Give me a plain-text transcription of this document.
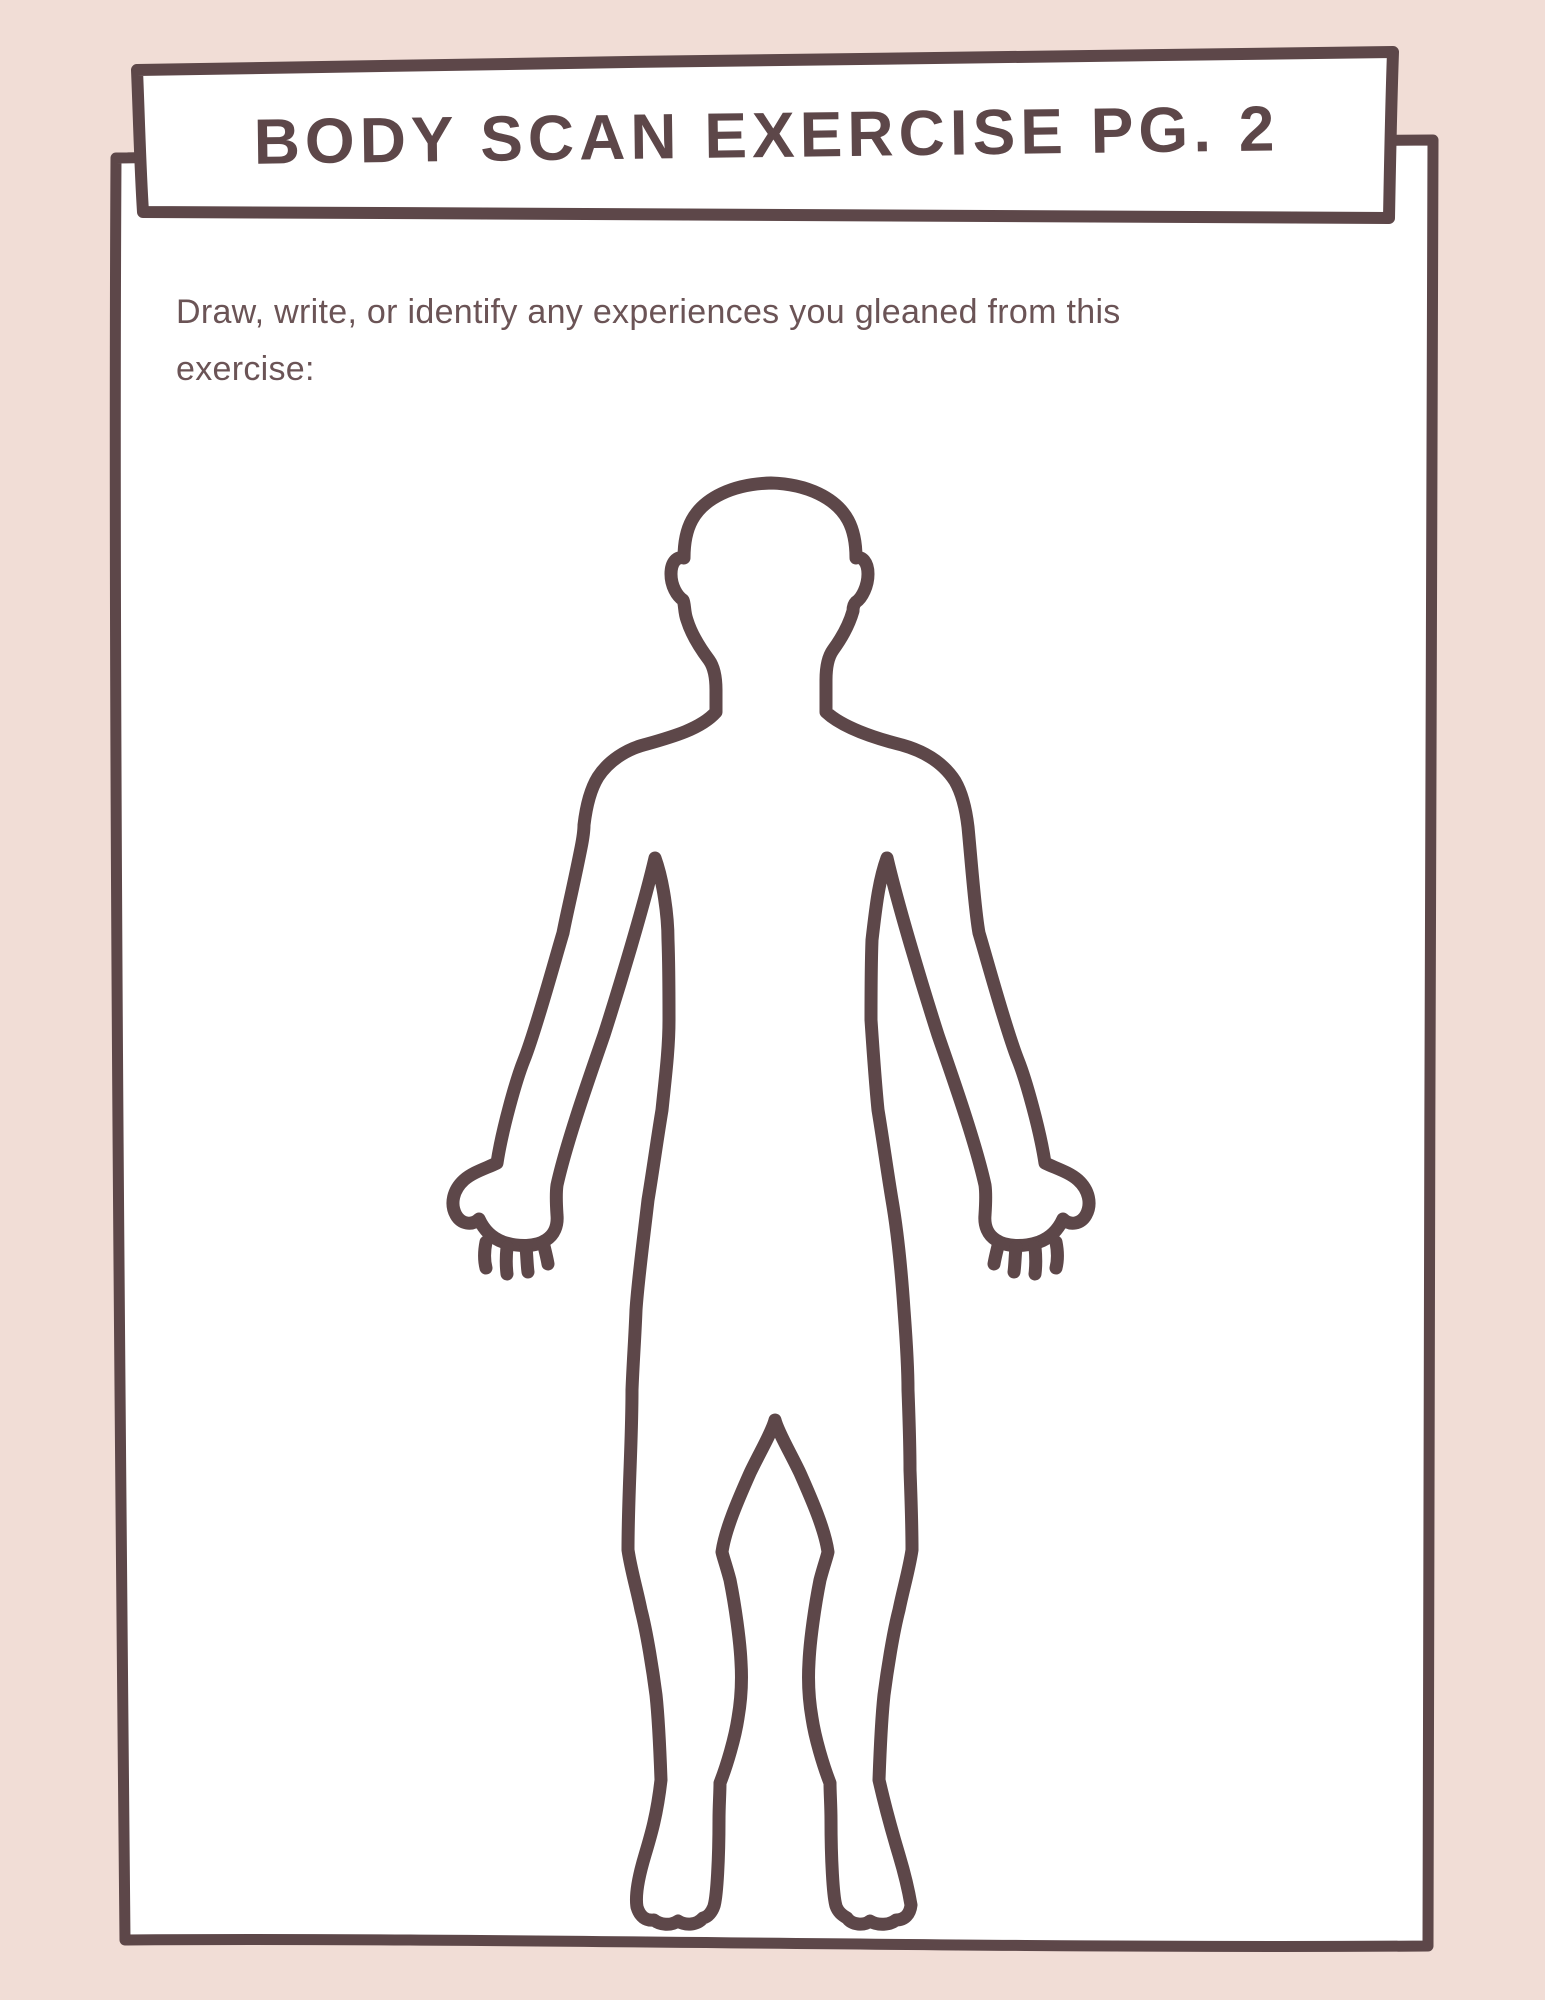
BODY SCAN EXERCISE PG. 2
Draw, write, or identify any experiences you gleaned from this
exercise:
